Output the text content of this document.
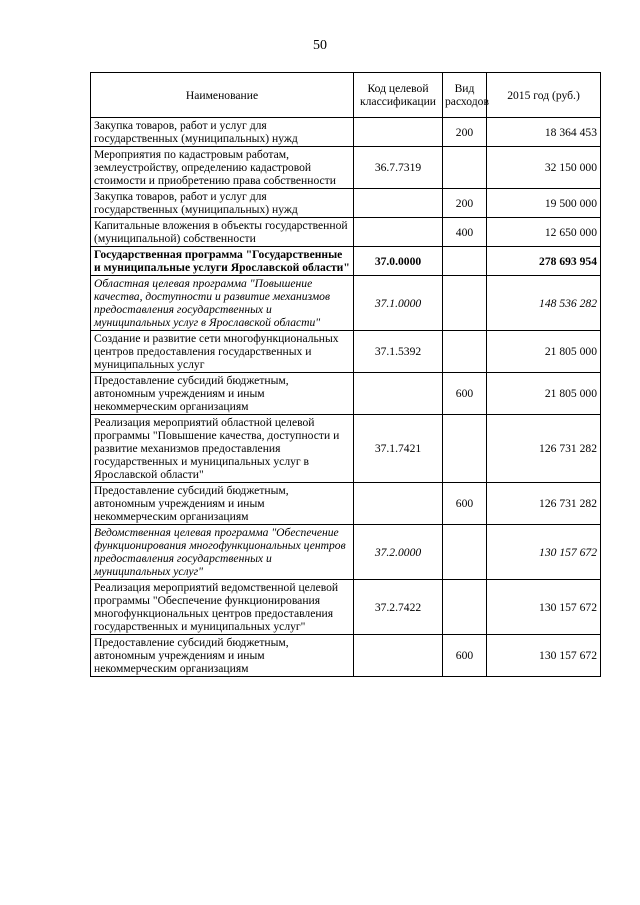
50
Наименование	Код целевой классификации	Вид расходов	2015 год (руб.)
Закупка товаров, работ и услуг для государственных (муниципальных) нужд		200	18 364 453
Мероприятия по кадастровым работам, землеустройству, определению кадастровой стоимости и приобретению права собственности	36.7.7319		32 150 000
Закупка товаров, работ и услуг для государственных (муниципальных) нужд		200	19 500 000
Капитальные вложения в объекты государственной (муниципальной) собственности		400	12 650 000
Государственная программа "Государственные и муниципальные услуги Ярославской области"	37.0.0000		278 693 954
Областная целевая программа "Повышение качества, доступности и развитие механизмов предоставления государственных и муниципальных услуг в Ярославской области"	37.1.0000		148 536 282
Создание и развитие сети многофункциональных центров предоставления государственных и муниципальных услуг	37.1.5392		21 805 000
Предоставление субсидий бюджетным, автономным учреждениям и иным некоммерческим организациям		600	21 805 000
Реализация мероприятий областной целевой программы "Повышение качества, доступности и развитие механизмов предоставления государственных и муниципальных услуг в Ярославской области"	37.1.7421		126 731 282
Предоставление субсидий бюджетным, автономным учреждениям и иным некоммерческим организациям		600	126 731 282
Ведомственная целевая программа "Обеспечение функционирования многофункциональных центров предоставления государственных и муниципальных услуг"	37.2.0000		130 157 672
Реализация мероприятий ведомственной целевой программы "Обеспечение функционирования многофункциональных центров предоставления государственных и муниципальных услуг"	37.2.7422		130 157 672
Предоставление субсидий бюджетным, автономным учреждениям и иным некоммерческим организациям		600	130 157 672
